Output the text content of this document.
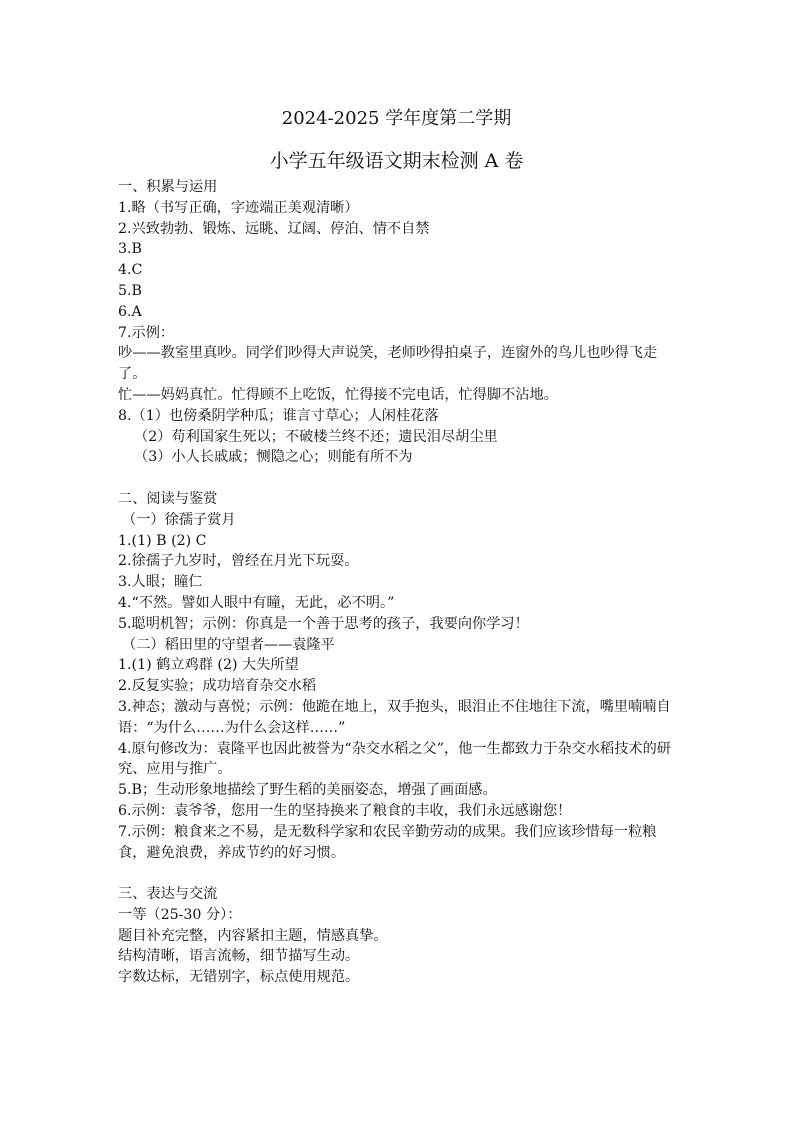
2024-2025 学年度第二学期
小学五年级语文期末检测 A 卷
一、积累与运用
1.略（书写正确，字迹端正美观清晰）
2.兴致勃勃、锻炼、远眺、辽阔、停泊、情不自禁
3.B
4.C
5.B
6.A
7.示例：
吵——教室里真吵。同学们吵得大声说笑，老师吵得拍桌子，连窗外的鸟儿也吵得飞走了。
忙——妈妈真忙。忙得顾不上吃饭，忙得接不完电话，忙得脚不沾地。
8.（1）也傍桑阴学种瓜；谁言寸草心；人闲桂花落
（2）苟利国家生死以；不破楼兰终不还；遗民泪尽胡尘里
（3）小人长戚戚；恻隐之心；则能有所不为
二、阅读与鉴赏
（一）徐孺子赏月
1.(1) B (2) C
2.徐孺子九岁时，曾经在月光下玩耍。
3.人眼；瞳仁
4.“不然。譬如人眼中有瞳，无此，必不明。”
5.聪明机智；示例：你真是一个善于思考的孩子，我要向你学习！
（二）稻田里的守望者——袁隆平
1.(1) 鹤立鸡群 (2) 大失所望
2.反复实验；成功培育杂交水稻
3.神态；激动与喜悦；示例：他跪在地上，双手抱头，眼泪止不住地往下流，嘴里喃喃自语：“为什么……为什么会这样……”
4.原句修改为：袁隆平也因此被誉为“杂交水稻之父”，他一生都致力于杂交水稻技术的研究、应用与推广。
5.B；生动形象地描绘了野生稻的美丽姿态，增强了画面感。
6.示例：袁爷爷，您用一生的坚持换来了粮食的丰收，我们永远感谢您！
7.示例：粮食来之不易，是无数科学家和农民辛勤劳动的成果。我们应该珍惜每一粒粮食，避免浪费，养成节约的好习惯。
三、表达与交流
一等（25-30 分）：
题目补充完整，内容紧扣主题，情感真挚。
结构清晰，语言流畅，细节描写生动。
字数达标，无错别字，标点使用规范。
·
